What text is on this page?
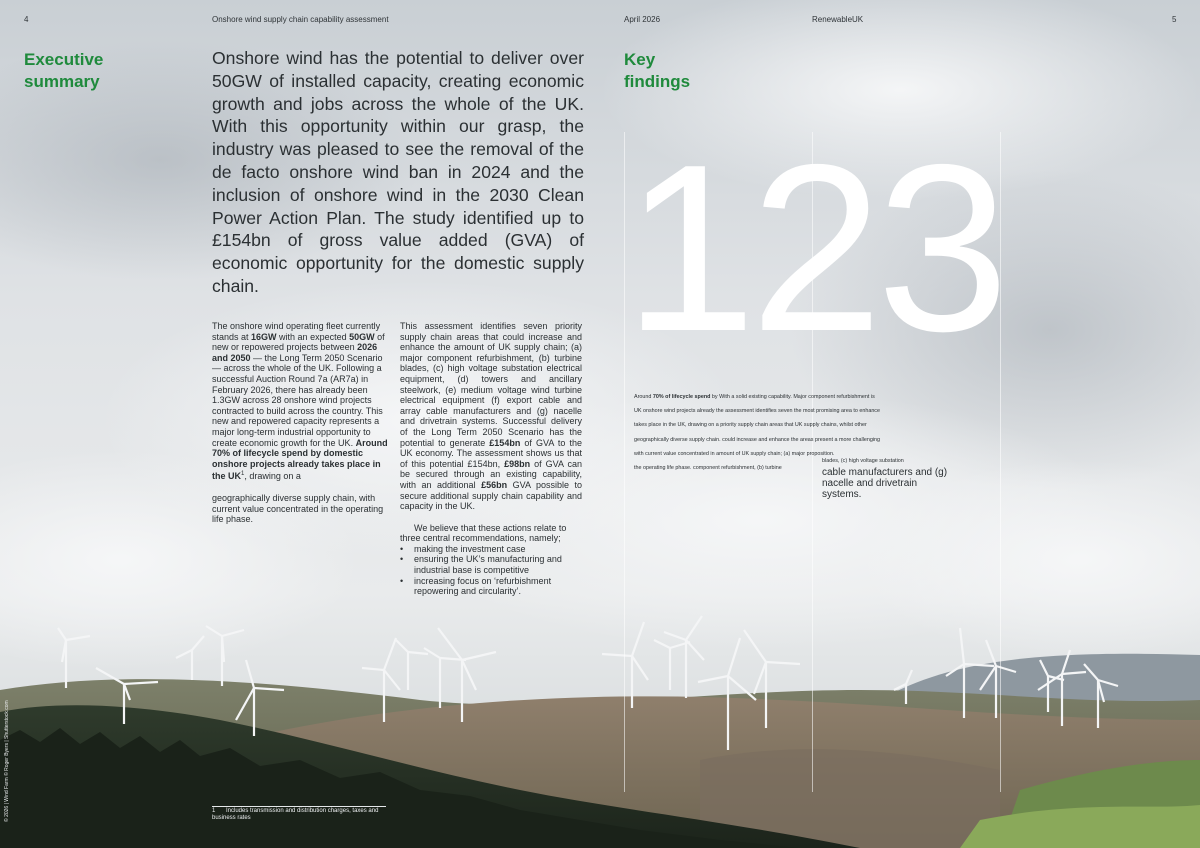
4	Onshore wind supply chain capability assessment	April 2026	RenewableUK	5
Executive
summary
Onshore wind has the potential to deliver over 50GW of installed capacity, creating economic growth and jobs across the whole of the UK. With this opportunity within our grasp, the industry was pleased to see the removal of the de facto onshore wind ban in 2024 and the inclusion of onshore wind in the 2030 Clean Power Action Plan. The study identified up to £154bn of gross value added (GVA) of economic opportunity for the domestic supply chain.

The onshore wind operating fleet currently stands at 16GW with an expected 50GW of new or repowered projects between 2026 and 2050 — the Long Term 2050 Scenario — across the whole of the UK. Following a successful Auction Round 7a (AR7a) in February 2026, there has already been 1.3GW across 28 onshore wind projects contracted to build across the country. This new and repowered capacity represents a major long-term industrial opportunity to create economic growth for the UK. Around 70% of lifecycle spend by domestic onshore projects already takes place in the $UK^1$, drawing on a

geographically diverse supply chain, with current value concentrated in the operating life phase.

This assessment identifies seven priority supply chain areas that could increase and enhance the amount of UK supply chain; (a) major component refurbishment, (b) turbine blades, (c) high voltage substation electrical equipment, (d) towers and ancillary steelwork, (e) medium voltage wind turbine electrical equipment (f) export cable and array cable manufacturers and (g) nacelle and drivetrain systems. Successful delivery of the Long Term 2050 Scenario has the potential to generate £154bn of GVA to the UK economy. The assessment shows us that of this potential £154bn, £98bn of GVA can be secured through an existing capability, with an additional £56bn GVA possible to secure additional supply chain capability and capacity in the UK.

We believe that these actions relate to three central recommendations, namely;

• making the investment case
• ensuring the UK’s manufacturing and industrial base is competitive
• increasing focus on ‘refurbishment repowering and circularity’.
Key
findings
123
Around 70% of lifecycle spend by With a solid existing capability. Major component refurbishment is
UK onshore wind projects already the assessment identifies seven the most promising area to enhance
takes place in the UK, drawing on a priority supply chain areas that UK supply chains, whilst other
geographically diverse supply chain. could increase and enhance the areas present a more challenging
with current value concentrated in amount of UK supply chain; (a) major proposition.
the operating life phase. component refurbishment, (b) turbine
blades, (c) high voltage substation
cable manufacturers and (g) nacelle and drivetrain systems.
1 Includes transmission and distribution charges, taxes and business rates
© 2026 | Wind Farm © Roger Byers | Shutterstock.com
